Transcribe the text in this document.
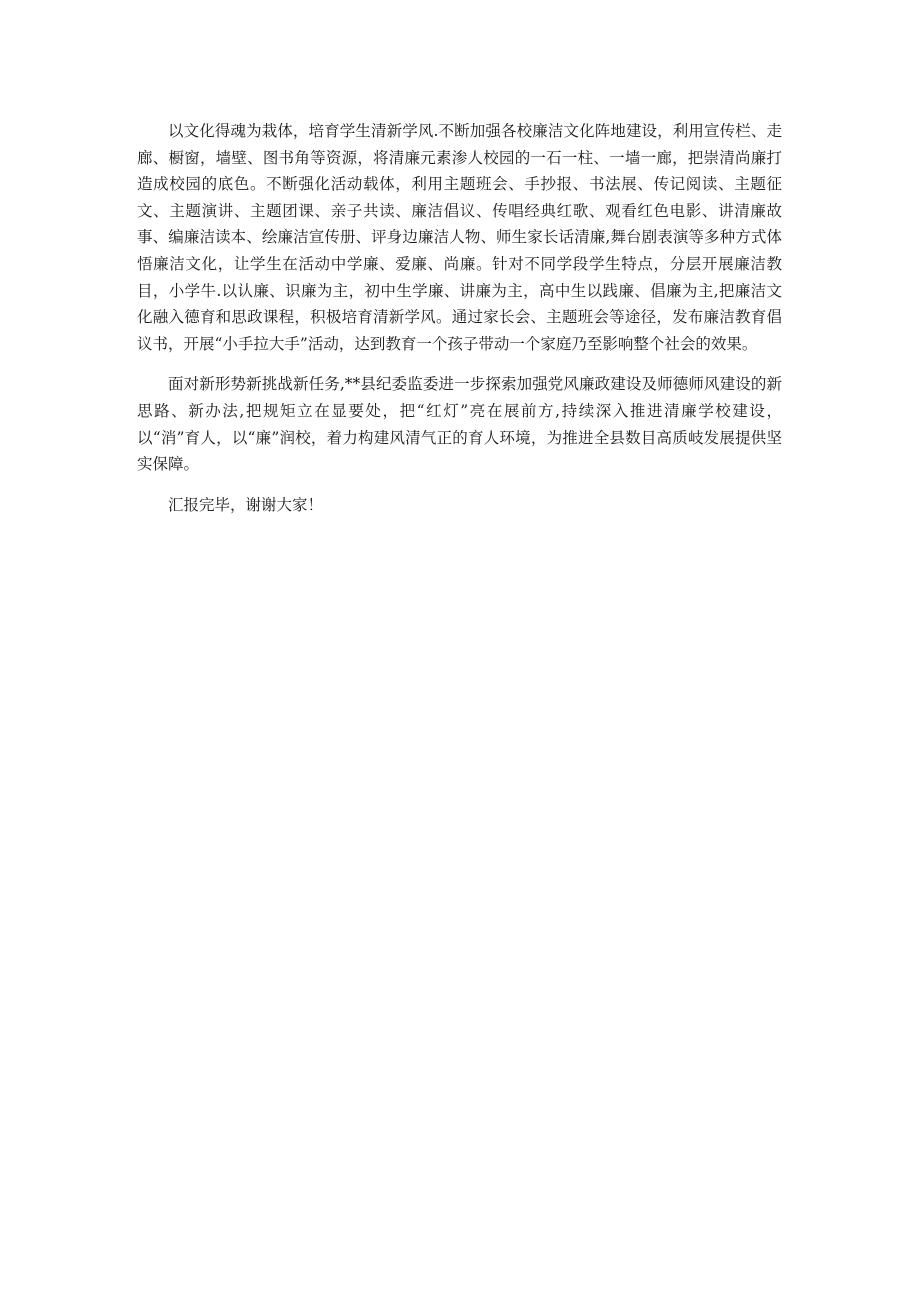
以文化得魂为栽体，培育学生清新学风.不断加强各校廉洁文化阵地建设，利用宣传栏、走廊、橱窗，墙壁、图书角等资源，将清廉元素渗人校园的一石一柱、一墙一廊，把崇清尚廉打造成校园的底色。不断强化活动载体，利用主题班会、手抄报、书法展、传记阅读、主题征文、主题演讲、主题团课、亲子共读、廉洁倡议、传唱经典红歌、观看红色电影、讲清廉故事、编廉洁读本、绘廉洁宣传册、评身边廉洁人物、师生家长话清廉,舞台剧表演等多种方式体悟廉洁文化，让学生在活动中学廉、爱廉、尚廉。针对不同学段学生特点，分层开展廉洁教目，小学牛.以认廉、识廉为主，初中生学廉、讲廉为主，高中生以践廉、倡廉为主,把廉洁文化融入德育和思政课程，积极培育清新学风。通过家长会、主题班会等途径，发布廉洁教育倡议书，开展“小手拉大手”活动，达到教育一个孩子带动一个家庭乃至影响整个社会的效果。

面对新形势新挑战新任务,**县纪委监委进一步探索加强党风廉政建设及师德师风建设的新思路、新办法,把规矩立在显要处，把“红灯”亮在展前方,持续深入推进清廉学校建设，以“消”育人，以“廉”润校，着力构建风清气正的育人环境，为推进全县数目高质岐发展提供坚实保障。

汇报完毕，谢谢大家！
